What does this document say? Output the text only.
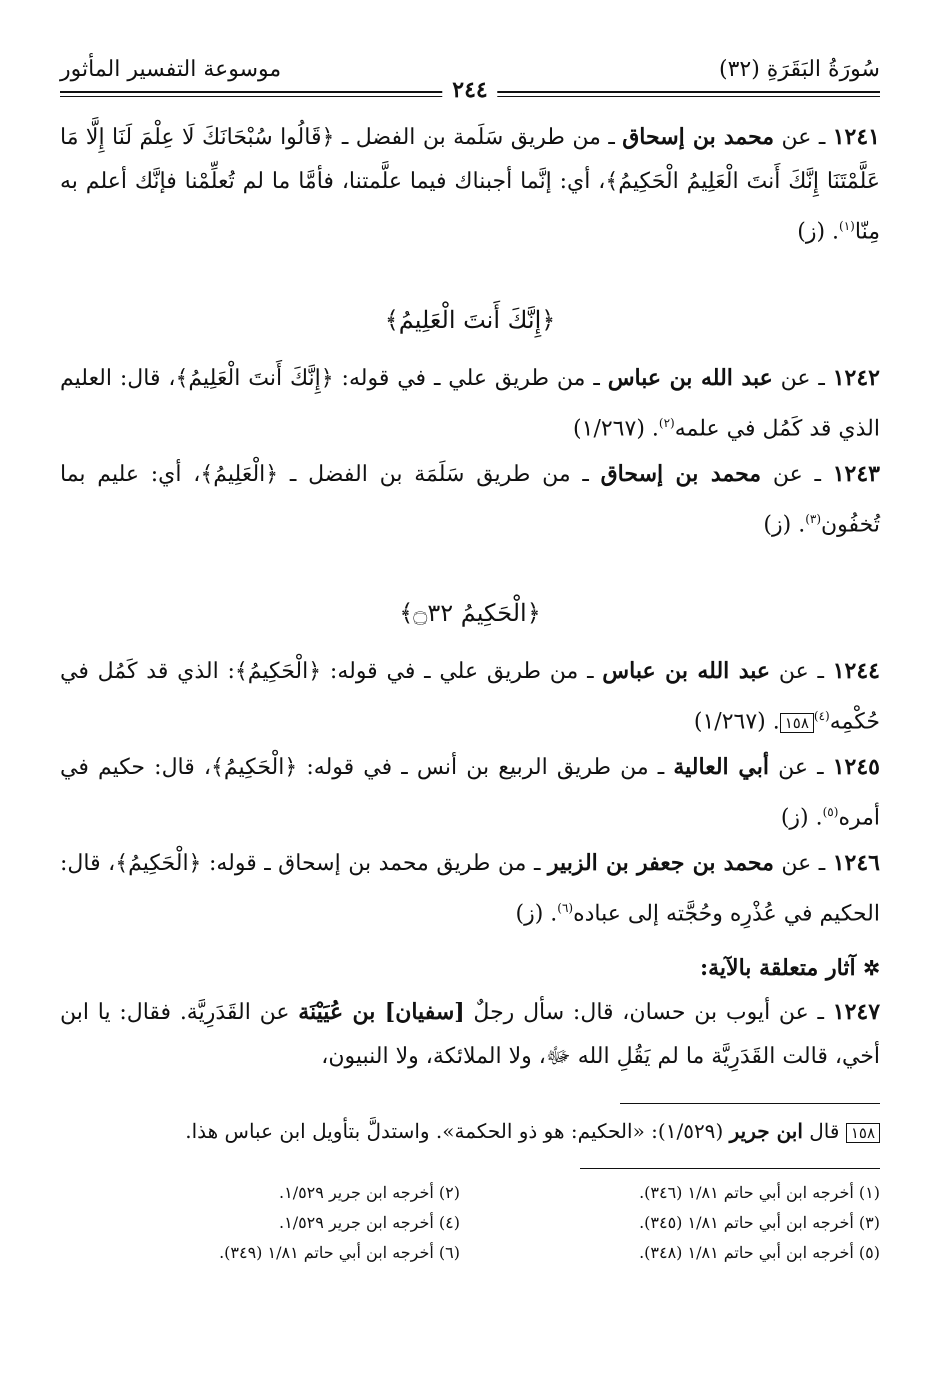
سُورَةُ البَقَرَةِ (٣٢)
موسوعة التفسير المأثور
٢٤٤

١٢٤١ ـ عن محمد بن إسحاق ـ من طريق سَلَمة بن الفضل ـ ﴿قَالُوا سُبْحَانَكَ لَا عِلْمَ لَنَا إِلَّا مَا عَلَّمْتَنَا إِنَّكَ أَنتَ الْعَلِيمُ الْحَكِيمُ﴾، أي: إنَّما أجبناك فيما علَّمتنا، فأمَّا ما لم تُعلِّمْنا فإنَّك أعلم به مِنّا$^{(١)}$. (ز)

﴿إِنَّكَ أَنتَ الْعَلِيمُ﴾

١٢٤٢ ـ عن عبد الله بن عباس ـ من طريق علي ـ في قوله: ﴿إِنَّكَ أَنتَ الْعَلِيمُ﴾، قال: العليم الذي قد كَمُل في علمه$^{(٢)}$. (١/٢٦٧)

١٢٤٣ ـ عن محمد بن إسحاق ـ من طريق سَلَمَة بن الفضل ـ ﴿الْعَلِيمُ﴾، أي: عليم بما تُخفُون$^{(٣)}$. (ز)

﴿الْحَكِيمُ ۝٣٢﴾

١٢٤٤ ـ عن عبد الله بن عباس ـ من طريق علي ـ في قوله: ﴿الْحَكِيمُ﴾: الذي قد كَمُل في حُكْمِه$^{(٤)}$١٥٨. (١/٢٦٧)

١٢٤٥ ـ عن أبي العالية ـ من طريق الربيع بن أنس ـ في قوله: ﴿الْحَكِيمُ﴾، قال: حكيم في أمره$^{(٥)}$. (ز)

١٢٤٦ ـ عن محمد بن جعفر بن الزبير ـ من طريق محمد بن إسحاق ـ قوله: ﴿الْحَكِيمُ﴾، قال: الحكيم في عُذْرِه وحُجَّته إلى عباده$^{(٦)}$. (ز)

✲ آثار متعلقة بالآية:

١٢٤٧ ـ عن أيوب بن حسان، قال: سأل رجلٌ [سفيان] بن عُيَيْنَة عن القَدَرِيَّة. فقال: يا ابن أخي، قالت القَدَرِيَّة ما لم يَقُلِ الله ﷻ، ولا الملائكة، ولا النبيون،

١٥٨ قال ابن جرير (١/٥٢٩): «الحكيم: هو ذو الحكمة». واستدلَّ بتأويل ابن عباس هذا.

(١) أخرجه ابن أبي حاتم ١/٨١ (٣٤٦).
(٢) أخرجه ابن جرير ١/٥٢٩.
(٣) أخرجه ابن أبي حاتم ١/٨١ (٣٤٥).
(٤) أخرجه ابن جرير ١/٥٢٩.
(٥) أخرجه ابن أبي حاتم ١/٨١ (٣٤٨).
(٦) أخرجه ابن أبي حاتم ١/٨١ (٣٤٩).
